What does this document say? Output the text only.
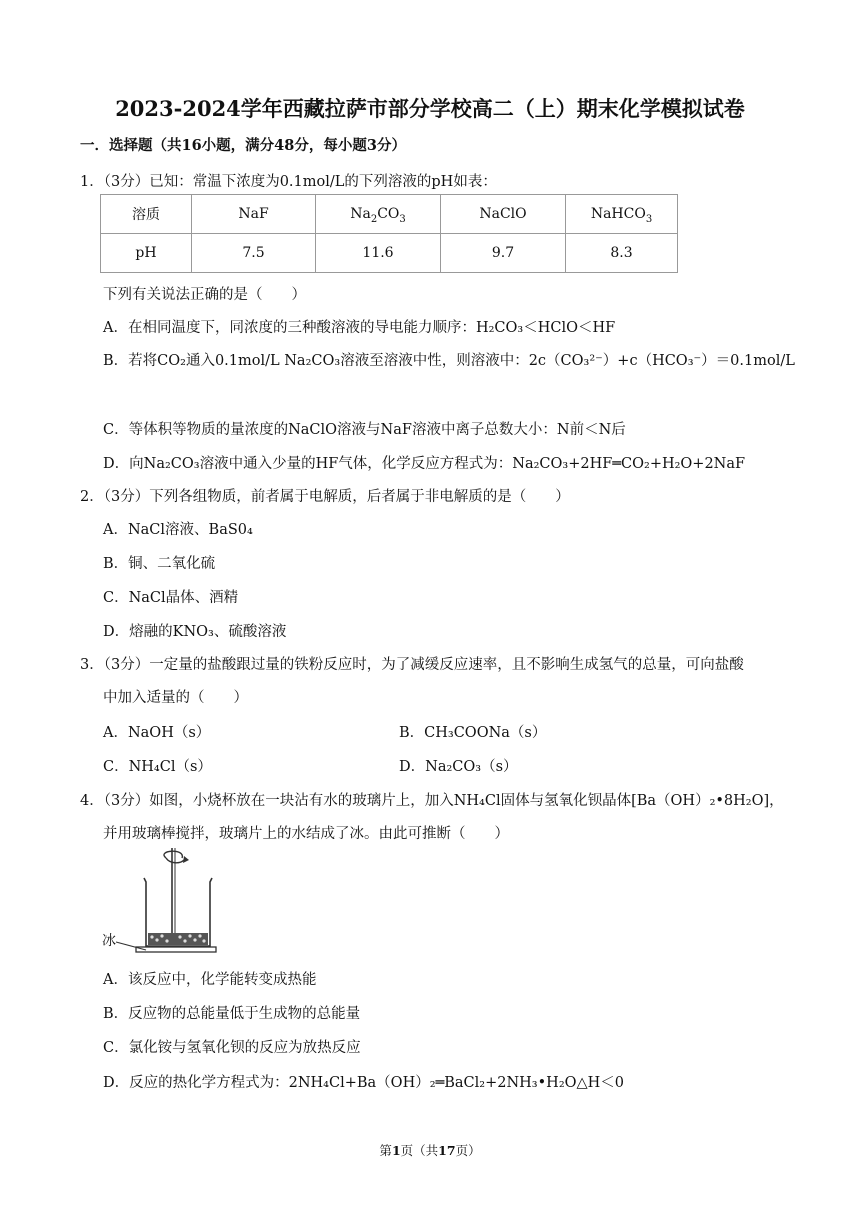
2023-2024学年西藏拉萨市部分学校高二（上）期末化学模拟试卷
一．选择题（共16小题，满分48分，每小题3分）
1．（3分）已知：常温下浓度为0.1mol/L的下列溶液的pH如表：
溶质	NaF	$Na_2CO_3$	NaClO	NaHCO$_3$
pH	7.5	11.6	9.7	8.3
下列有关说法正确的是（　　）
A．在相同温度下，同浓度的三种酸溶液的导电能力顺序：H₂CO₃＜HClO＜HF
B．若将CO₂通入0.1mol/L Na₂CO₃溶液至溶液中性，则溶液中：2c（CO₃²⁻）+c（HCO₃⁻）＝0.1mol/L
C．等体积等物质的量浓度的NaClO溶液与NaF溶液中离子总数大小：N前＜N后
D．向Na₂CO₃溶液中通入少量的HF气体，化学反应方程式为：Na₂CO₃+2HF═CO₂+H₂O+2NaF
2．（3分）下列各组物质，前者属于电解质，后者属于非电解质的是（　　）
A．NaCl溶液、BaS0₄
B．铜、二氧化硫
C．NaCl晶体、酒精
D．熔融的KNO₃、硫酸溶液
3．（3分）一定量的盐酸跟过量的铁粉反应时，为了减缓反应速率，且不影响生成氢气的总量，可向盐酸
中加入适量的（　　）
A．NaOH（s）	B．CH₃COONa（s）
C．NH₄Cl（s）	D．Na₂CO₃（s）
4．（3分）如图，小烧杯放在一块沾有水的玻璃片上，加入NH₄Cl固体与氢氧化钡晶体[Ba（OH）₂•8H₂O]，
并用玻璃棒搅拌，玻璃片上的水结成了冰。由此可推断（　　）
冰
A．该反应中，化学能转变成热能
B．反应物的总能量低于生成物的总能量
C．氯化铵与氢氧化钡的反应为放热反应
D．反应的热化学方程式为：2NH₄Cl+Ba（OH）₂═BaCl₂+2NH₃•H₂O△H＜0
第1页（共17页）
